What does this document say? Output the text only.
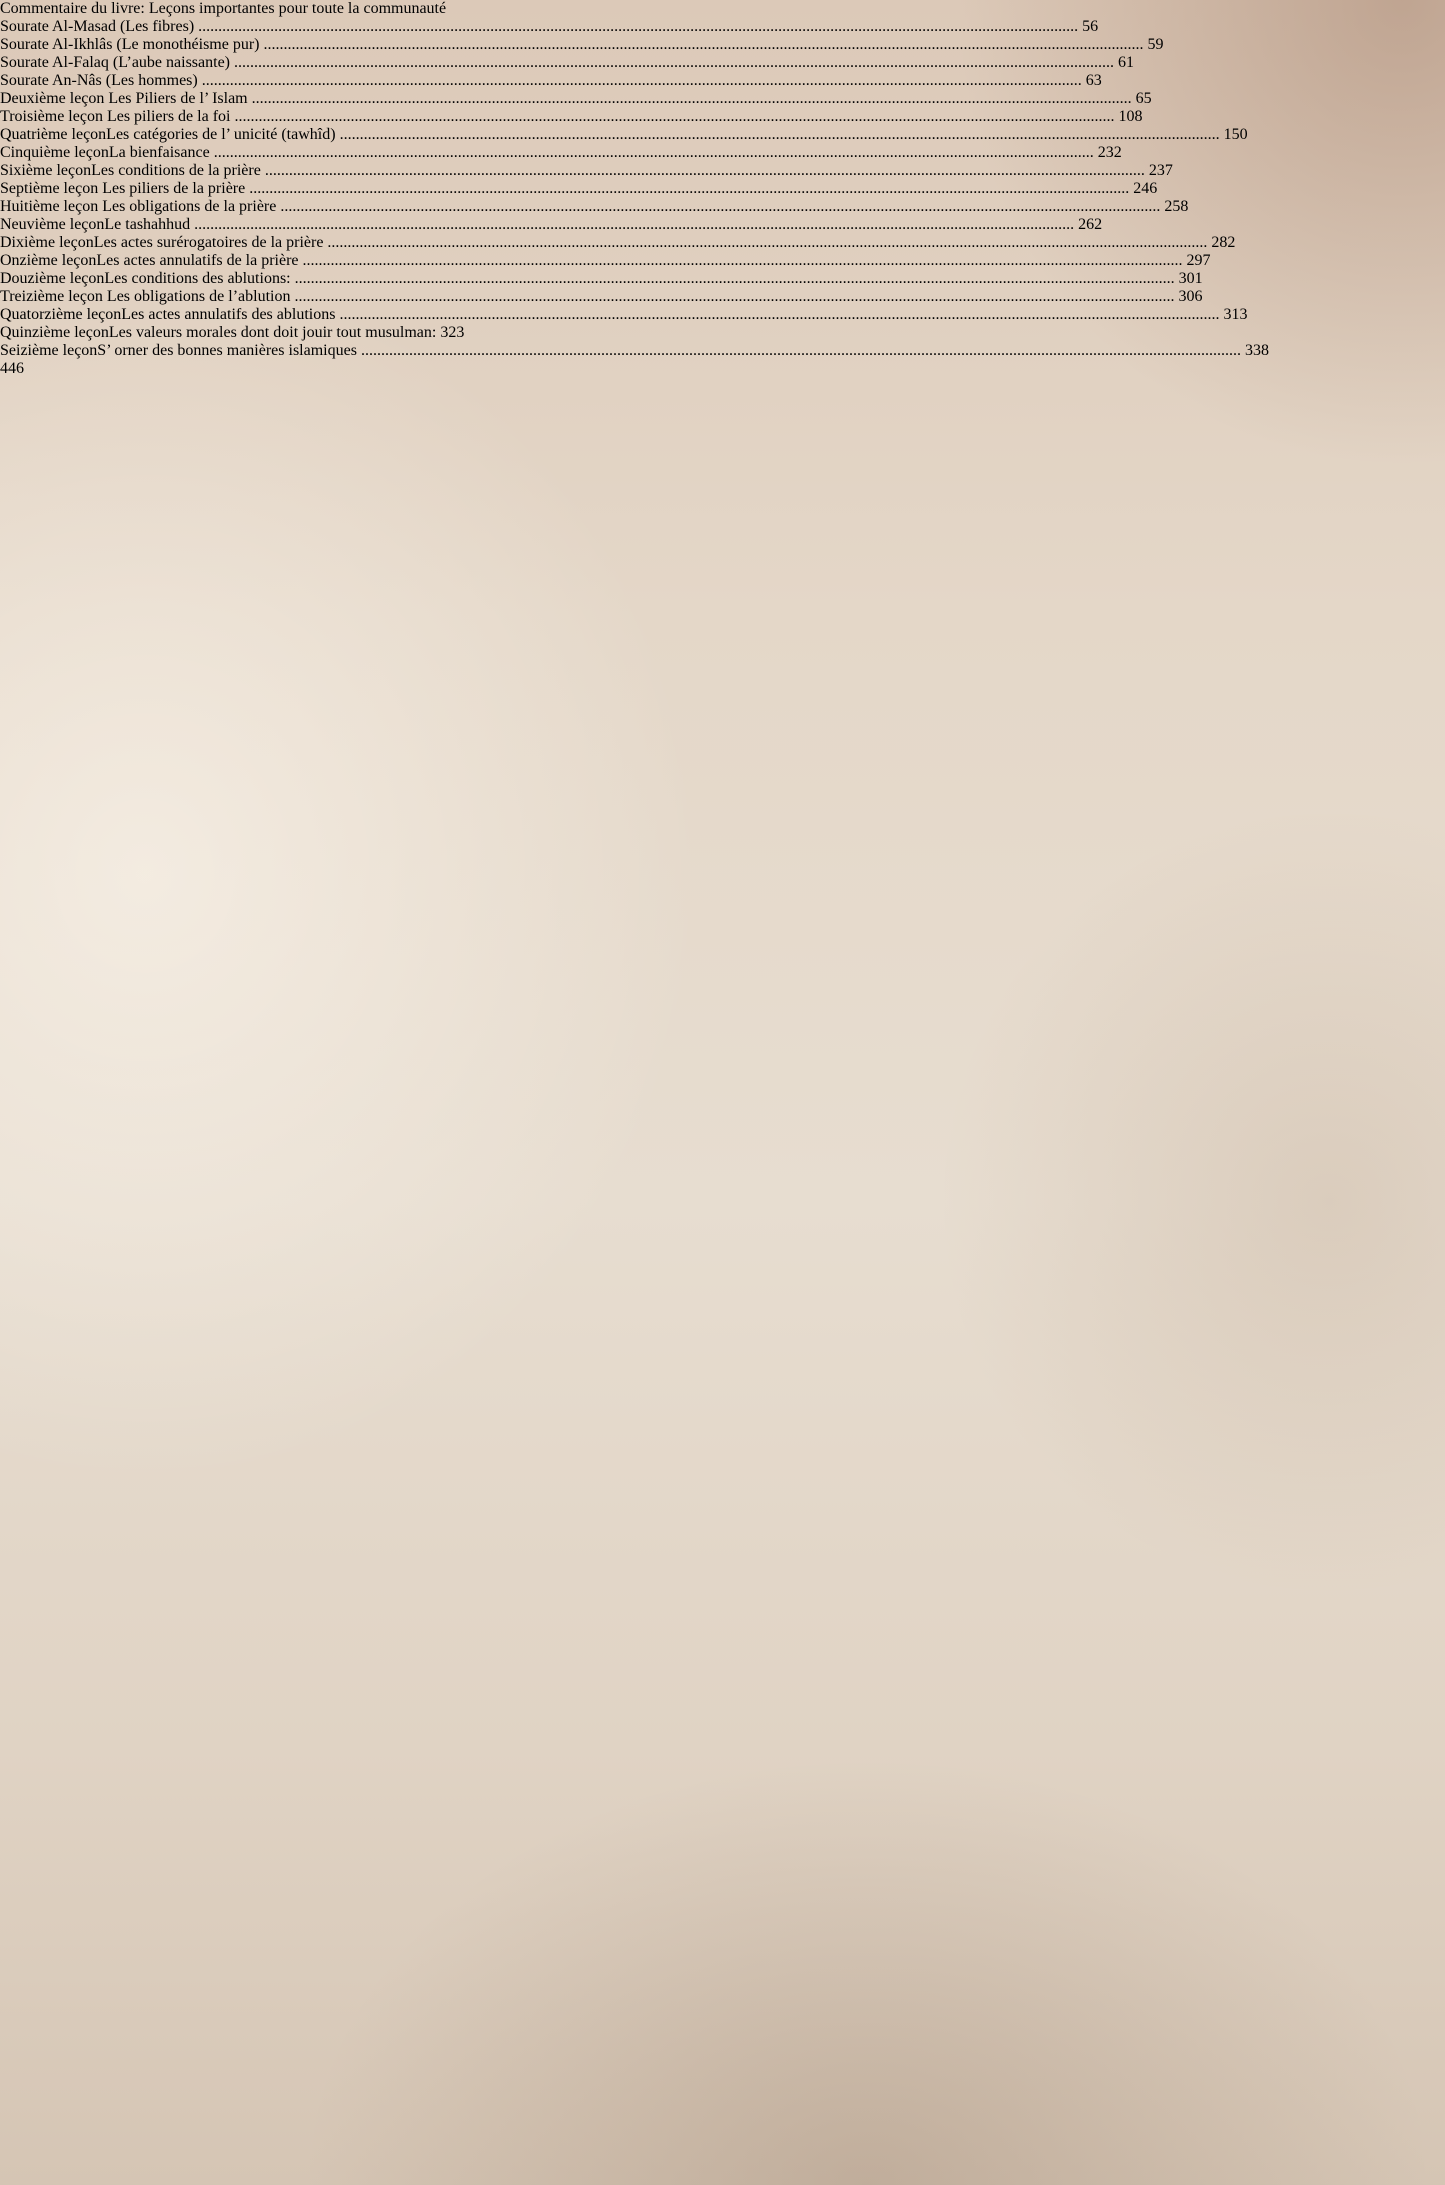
Commentaire du livre: Leçons importantes pour toute la communauté
Sourate Al-Masad (Les fibres) ............................................................................................................................................................................................................................ 56
Sourate Al-Ikhlâs (Le monothéisme pur) ............................................................................................................................................................................................................................ 59
Sourate Al-Falaq (L’aube naissante) ............................................................................................................................................................................................................................ 61
Sourate An-Nâs (Les hommes) ............................................................................................................................................................................................................................ 63
Deuxième leçon Les Piliers de l’ Islam ............................................................................................................................................................................................................................ 65
Troisième leçon Les piliers de la foi ............................................................................................................................................................................................................................ 108
Quatrième leçonLes catégories de l’ unicité (tawhîd) ............................................................................................................................................................................................................................ 150
Cinquième leçonLa bienfaisance ............................................................................................................................................................................................................................ 232
Sixième leçonLes conditions de la prière ............................................................................................................................................................................................................................ 237
Septième leçon Les piliers de la prière ............................................................................................................................................................................................................................ 246
Huitième leçon Les obligations de la prière ............................................................................................................................................................................................................................ 258
Neuvième leçonLe tashahhud ............................................................................................................................................................................................................................ 262
Dixième leçonLes actes surérogatoires de la prière ............................................................................................................................................................................................................................ 282
Onzième leçonLes actes annulatifs de la prière ............................................................................................................................................................................................................................ 297
Douzième leçonLes conditions des ablutions: ............................................................................................................................................................................................................................ 301
Treizième leçon Les obligations de l’ablution ............................................................................................................................................................................................................................ 306
Quatorzième leçonLes actes annulatifs des ablutions ............................................................................................................................................................................................................................ 313
Quinzième leçonLes valeurs morales dont doit jouir tout musulman: 323
Seizième leçonS’ orner des bonnes manières islamiques ............................................................................................................................................................................................................................ 338
446
